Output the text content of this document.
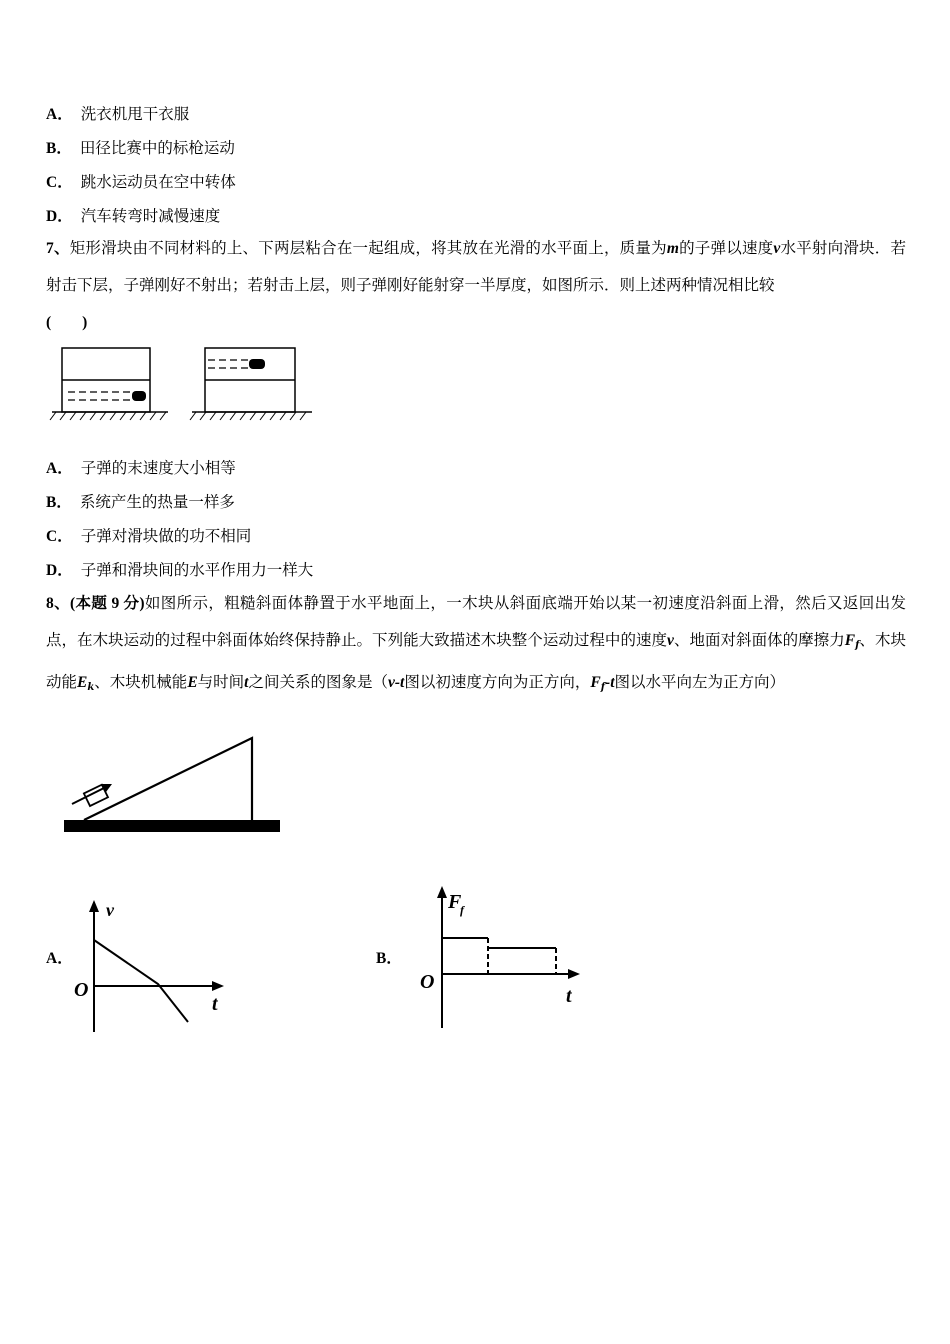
A． 洗衣机甩干衣服
B． 田径比赛中的标枪运动
C． 跳水运动员在空中转体
D． 汽车转弯时减慢速度
7、矩形滑块由不同材料的上、下两层粘合在一起组成，将其放在光滑的水平面上，质量为m的子弹以速度v水平射向滑块．若射击下层，子弹刚好不射出；若射击上层，则子弹刚好能射穿一半厚度，如图所示．则上述两种情况相比较
(　　)
A． 子弹的末速度大小相等
B． 系统产生的热量一样多
C． 子弹对滑块做的功不相同
D． 子弹和滑块间的水平作用力一样大
8、(本题 9 分)如图所示，粗糙斜面体静置于水平地面上，一木块从斜面底端开始以某一初速度沿斜面上滑，然后又返回出发点，在木块运动的过程中斜面体始终保持静止。下列能大致描述木块整个运动过程中的速度v、地面对斜面体的摩擦力$F_f$、木块动能$E_k$、木块机械能E与时间t之间关系的图象是（v-t图以初速度方向为正方向，$F_f-t$图以水平向左为正方向）
A．
v
O
t
B．
F
f
O
t
